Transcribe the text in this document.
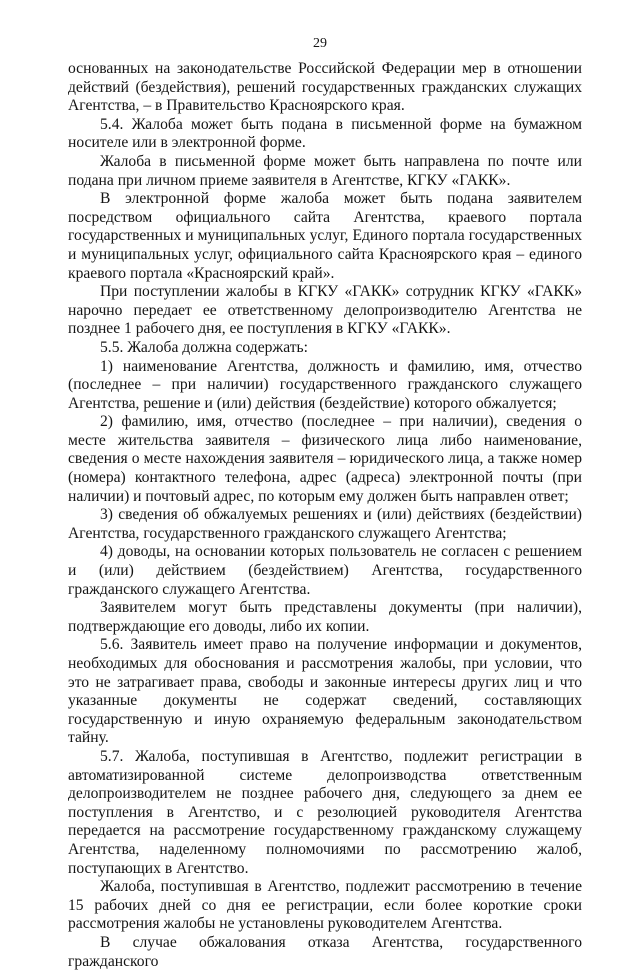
29

основанных на законодательстве Российской Федерации мер в отношении действий (бездействия), решений государственных гражданских служащих Агентства, – в Правительство Красноярского края.

5.4. Жалоба может быть подана в письменной форме на бумажном носителе или в электронной форме.

Жалоба в письменной форме может быть направлена по почте или подана при личном приеме заявителя в Агентстве, КГКУ «ГАКК».

В электронной форме жалоба может быть подана заявителем посредством официального сайта Агентства, краевого портала государственных и муниципальных услуг, Единого портала государственных и муниципальных услуг, официального сайта Красноярского края – единого краевого портала «Красноярский край».

При поступлении жалобы в КГКУ «ГАКК» сотрудник КГКУ «ГАКК» нарочно передает ее ответственному делопроизводителю Агентства не позднее 1 рабочего дня, ее поступления в КГКУ «ГАКК».

5.5. Жалоба должна содержать:

1) наименование Агентства, должность и фамилию, имя, отчество (последнее – при наличии) государственного гражданского служащего Агентства, решение и (или) действия (бездействие) которого обжалуется;

2) фамилию, имя, отчество (последнее – при наличии), сведения о месте жительства заявителя – физического лица либо наименование, сведения о месте нахождения заявителя – юридического лица, а также номер (номера) контактного телефона, адрес (адреса) электронной почты (при наличии) и почтовый адрес, по которым ему должен быть направлен ответ;

3) сведения об обжалуемых решениях и (или) действиях (бездействии) Агентства, государственного гражданского служащего Агентства;

4) доводы, на основании которых пользователь не согласен с решением и (или) действием (бездействием) Агентства, государственного гражданского служащего Агентства.

Заявителем могут быть представлены документы (при наличии), подтверждающие его доводы, либо их копии.

5.6. Заявитель имеет право на получение информации и документов, необходимых для обоснования и рассмотрения жалобы, при условии, что это не затрагивает права, свободы и законные интересы других лиц и что указанные документы не содержат сведений, составляющих государственную и иную охраняемую федеральным законодательством тайну.

5.7. Жалоба, поступившая в Агентство, подлежит регистрации в автоматизированной системе делопроизводства ответственным делопроизводителем не позднее рабочего дня, следующего за днем ее поступления в Агентство, и с резолюцией руководителя Агентства передается на рассмотрение государственному гражданскому служащему Агентства, наделенному полномочиями по рассмотрению жалоб, поступающих в Агентство.

Жалоба, поступившая в Агентство, подлежит рассмотрению в течение 15 рабочих дней со дня ее регистрации, если более короткие сроки рассмотрения жалобы не установлены руководителем Агентства.

В случае обжалования отказа Агентства, государственного гражданского
